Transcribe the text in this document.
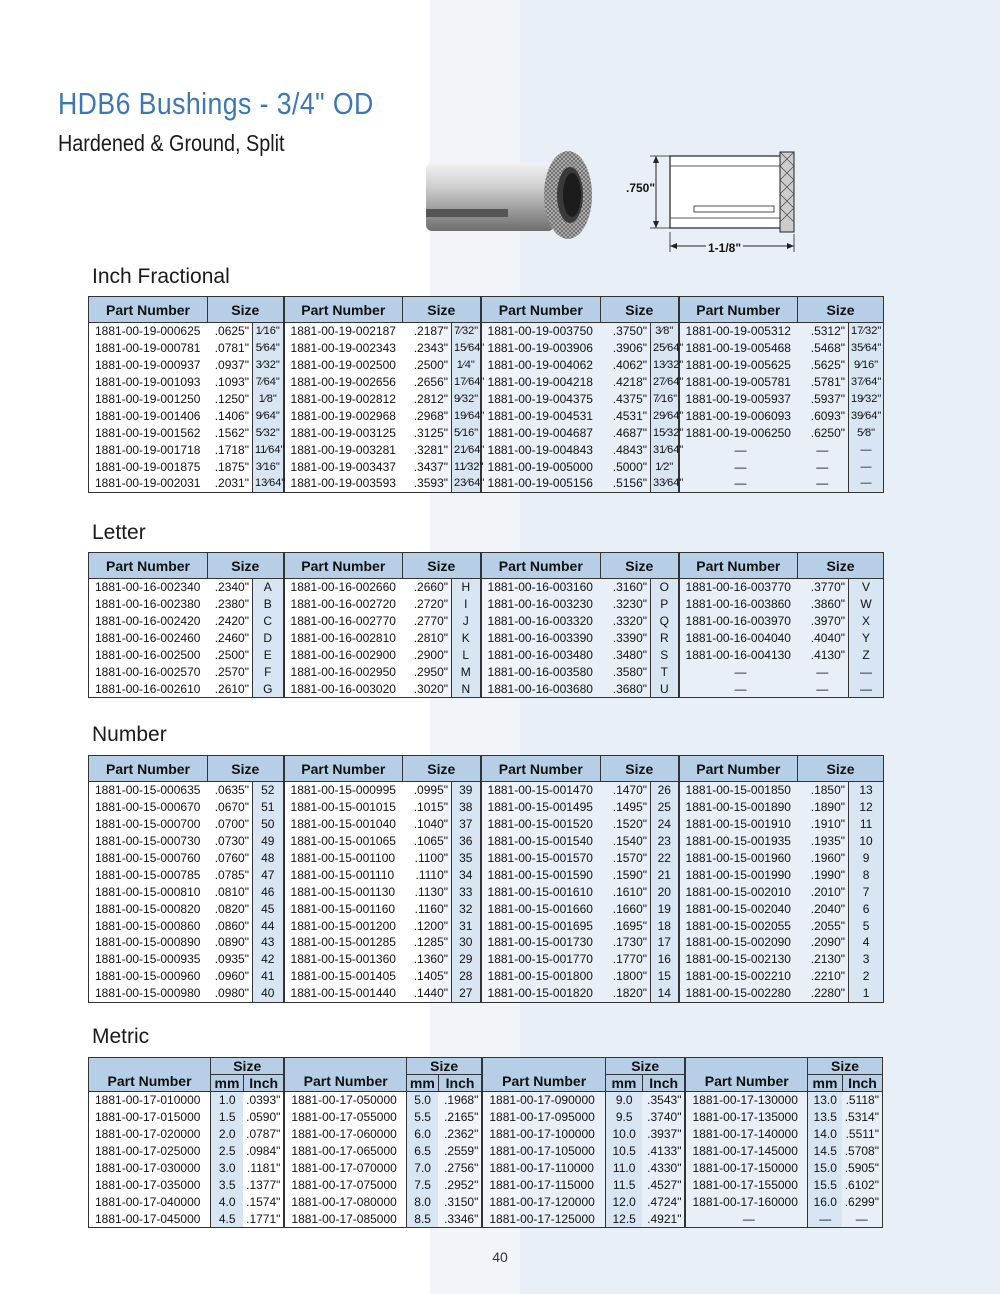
HDB6 Bushings - 3/4" OD
Hardened & Ground, Split
.750"
1-1/8"
Inch Fractional
Part Number	Size		Part Number	Size		Part Number	Size		Part Number	Size	
1881-00-19-000625	.0625"	1⁄16"	1881-00-19-002187	.2187"	7⁄32"	1881-00-19-003750	.3750"	3⁄8"	1881-00-19-005312	.5312"	17⁄32"
1881-00-19-000781	.0781"	5⁄64"	1881-00-19-002343	.2343"	15⁄64"	1881-00-19-003906	.3906"	25⁄64"	1881-00-19-005468	.5468"	35⁄64"
1881-00-19-000937	.0937"	3⁄32"	1881-00-19-002500	.2500"	1⁄4"	1881-00-19-004062	.4062"	13⁄32"	1881-00-19-005625	.5625"	9⁄16"
1881-00-19-001093	.1093"	7⁄64"	1881-00-19-002656	.2656"	17⁄64"	1881-00-19-004218	.4218"	27⁄64"	1881-00-19-005781	.5781"	37⁄64"
1881-00-19-001250	.1250"	1⁄8"	1881-00-19-002812	.2812"	9⁄32"	1881-00-19-004375	.4375"	7⁄16"	1881-00-19-005937	.5937"	19⁄32"
1881-00-19-001406	.1406"	9⁄64"	1881-00-19-002968	.2968"	19⁄64"	1881-00-19-004531	.4531"	29⁄64"	1881-00-19-006093	.6093"	39⁄64"
1881-00-19-001562	.1562"	5⁄32"	1881-00-19-003125	.3125"	5⁄16"	1881-00-19-004687	.4687"	15⁄32"	1881-00-19-006250	.6250"	5⁄8"
1881-00-19-001718	.1718"	11⁄64"	1881-00-19-003281	.3281"	21⁄64"	1881-00-19-004843	.4843"	31⁄64"	—	—	—
1881-00-19-001875	.1875"	3⁄16"	1881-00-19-003437	.3437"	11⁄32"	1881-00-19-005000	.5000"	1⁄2"	—	—	—
1881-00-19-002031	.2031"	13⁄64"	1881-00-19-003593	.3593"	23⁄64"	1881-00-19-005156	.5156"	33⁄64"	—	—	—
Letter
Part Number	Size		Part Number	Size		Part Number	Size		Part Number	Size	
1881-00-16-002340	.2340"	A	1881-00-16-002660	.2660"	H	1881-00-16-003160	.3160"	O	1881-00-16-003770	.3770"	V
1881-00-16-002380	.2380"	B	1881-00-16-002720	.2720"	I	1881-00-16-003230	.3230"	P	1881-00-16-003860	.3860"	W
1881-00-16-002420	.2420"	C	1881-00-16-002770	.2770"	J	1881-00-16-003320	.3320"	Q	1881-00-16-003970	.3970"	X
1881-00-16-002460	.2460"	D	1881-00-16-002810	.2810"	K	1881-00-16-003390	.3390"	R	1881-00-16-004040	.4040"	Y
1881-00-16-002500	.2500"	E	1881-00-16-002900	.2900"	L	1881-00-16-003480	.3480"	S	1881-00-16-004130	.4130"	Z
1881-00-16-002570	.2570"	F	1881-00-16-002950	.2950"	M	1881-00-16-003580	.3580"	T	—	—	—
1881-00-16-002610	.2610"	G	1881-00-16-003020	.3020"	N	1881-00-16-003680	.3680"	U	—	—	—
Number
Part Number	Size		Part Number	Size		Part Number	Size		Part Number	Size	
1881-00-15-000635	.0635"	52	1881-00-15-000995	.0995"	39	1881-00-15-001470	.1470"	26	1881-00-15-001850	.1850"	13
1881-00-15-000670	.0670"	51	1881-00-15-001015	.1015"	38	1881-00-15-001495	.1495"	25	1881-00-15-001890	.1890"	12
1881-00-15-000700	.0700"	50	1881-00-15-001040	.1040"	37	1881-00-15-001520	.1520"	24	1881-00-15-001910	.1910"	11
1881-00-15-000730	.0730"	49	1881-00-15-001065	.1065"	36	1881-00-15-001540	.1540"	23	1881-00-15-001935	.1935"	10
1881-00-15-000760	.0760"	48	1881-00-15-001100	.1100"	35	1881-00-15-001570	.1570"	22	1881-00-15-001960	.1960"	9
1881-00-15-000785	.0785"	47	1881-00-15-001110	.1110"	34	1881-00-15-001590	.1590"	21	1881-00-15-001990	.1990"	8
1881-00-15-000810	.0810"	46	1881-00-15-001130	.1130"	33	1881-00-15-001610	.1610"	20	1881-00-15-002010	.2010"	7
1881-00-15-000820	.0820"	45	1881-00-15-001160	.1160"	32	1881-00-15-001660	.1660"	19	1881-00-15-002040	.2040"	6
1881-00-15-000860	.0860"	44	1881-00-15-001200	.1200"	31	1881-00-15-001695	.1695"	18	1881-00-15-002055	.2055"	5
1881-00-15-000890	.0890"	43	1881-00-15-001285	.1285"	30	1881-00-15-001730	.1730"	17	1881-00-15-002090	.2090"	4
1881-00-15-000935	.0935"	42	1881-00-15-001360	.1360"	29	1881-00-15-001770	.1770"	16	1881-00-15-002130	.2130"	3
1881-00-15-000960	.0960"	41	1881-00-15-001405	.1405"	28	1881-00-15-001800	.1800"	15	1881-00-15-002210	.2210"	2
1881-00-15-000980	.0980"	40	1881-00-15-001440	.1440"	27	1881-00-15-001820	.1820"	14	1881-00-15-002280	.2280"	1
Metric
Part Number	Size		Part Number	Size		Part Number	Size		Part Number	Size	
	mm	Inch		mm	Inch		mm	Inch		mm	Inch
1881-00-17-010000	1.0	.0393"	1881-00-17-050000	5.0	.1968"	1881-00-17-090000	9.0	.3543"	1881-00-17-130000	13.0	.5118"
1881-00-17-015000	1.5	.0590"	1881-00-17-055000	5.5	.2165"	1881-00-17-095000	9.5	.3740"	1881-00-17-135000	13.5	.5314"
1881-00-17-020000	2.0	.0787"	1881-00-17-060000	6.0	.2362"	1881-00-17-100000	10.0	.3937"	1881-00-17-140000	14.0	.5511"
1881-00-17-025000	2.5	.0984"	1881-00-17-065000	6.5	.2559"	1881-00-17-105000	10.5	.4133"	1881-00-17-145000	14.5	.5708"
1881-00-17-030000	3.0	.1181"	1881-00-17-070000	7.0	.2756"	1881-00-17-110000	11.0	.4330"	1881-00-17-150000	15.0	.5905"
1881-00-17-035000	3.5	.1377"	1881-00-17-075000	7.5	.2952"	1881-00-17-115000	11.5	.4527"	1881-00-17-155000	15.5	.6102"
1881-00-17-040000	4.0	.1574"	1881-00-17-080000	8.0	.3150"	1881-00-17-120000	12.0	.4724"	1881-00-17-160000	16.0	.6299"
1881-00-17-045000	4.5	.1771"	1881-00-17-085000	8.5	.3346"	1881-00-17-125000	12.5	.4921"	—	—	—
40
